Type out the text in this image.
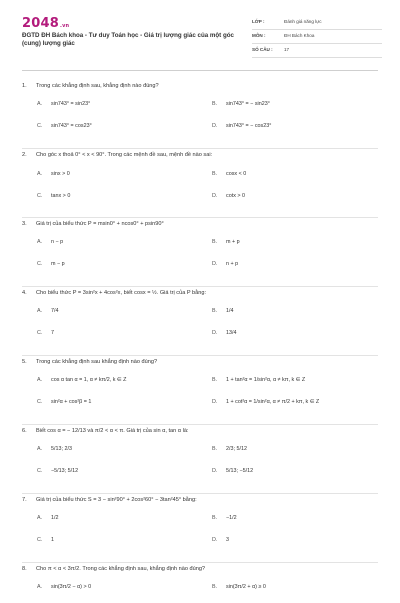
2048.vn
ĐGTD ĐH Bách khoa - Tư duy Toán học - Giá trị lượng giác của một góc (cung) lượng giác
LỚP :	Đánh giá năng lực
MÔN :	ĐH Bách Khoa
SỐ CÂU :	17
1. Trong các khẳng định sau, khẳng định nào đúng?
A. sin743° = sin23°	B. sin743° = − sin23°
C. sin743° = cos23°	D. sin743° = − cos23°
2. Cho góc x thoả 0° < x < 90°. Trong các mệnh đề sau, mệnh đề nào sai:
A. sinx > 0	B. cosx < 0
C. tanx > 0	D. cotx > 0
3. Giá trị của biểu thức P = msin0° + ncos0° + psin90°
A. n − p	B. m + p
C. m − p	D. n + p
4. Cho biểu thức P = 3sin²x + 4cos²x, biết cosx = ½. Giá trị của P bằng:
A. 7/4	B. 1/4
C. 7	D. 13/4
5. Trong các khẳng định sau khẳng định nào đúng?
A. cos α tan α = 1, α ≠ kπ/2, k ∈ Z	B. 1 + tan²α = 1/sin²α, α ≠ kπ, k ∈ Z
C. sin²α + cos²β = 1	D. 1 + cot²α = 1/sin²α, α ≠ π/2 + kπ, k ∈ Z
6. Biết cos α = − 12/13 và π/2 < α < π. Giá trị của sin α, tan α là:
A. 5/13; 2/3	B. 2/3; 5/12
C. −5/13; 5/12	D. 5/13; −5/12
7. Giá trị của biểu thức S = 3 − sin²90° + 2cos²60° − 3tan²45° bằng:
A. 1/2	B. −1/2
C. 1	D. 3
8. Cho π < α < 3π/2. Trong các khẳng định sau, khẳng định nào đúng?
A. sin(3π/2 − α) > 0	B. sin(3π/2 + α) ≥ 0
